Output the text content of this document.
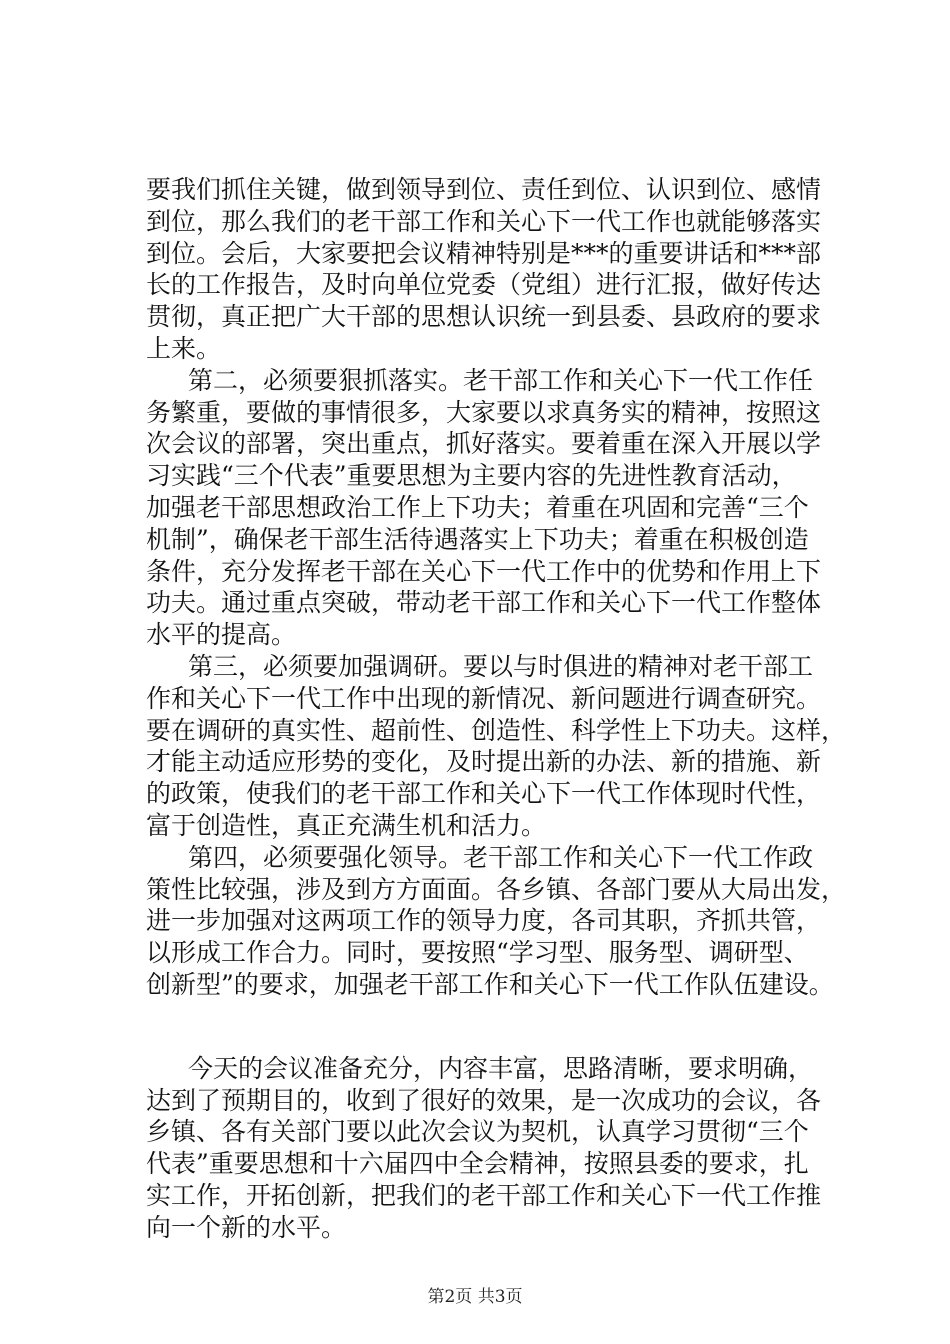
要我们抓住关键，做到领导到位、责任到位、认识到位、感情
到位，那么我们的老干部工作和关心下一代工作也就能够落实
到位。会后，大家要把会议精神特别是***的重要讲话和***部
长的工作报告，及时向单位党委（党组）进行汇报，做好传达
贯彻，真正把广大干部的思想认识统一到县委、县政府的要求
上来。
第二，必须要狠抓落实。老干部工作和关心下一代工作任
务繁重，要做的事情很多，大家要以求真务实的精神，按照这
次会议的部署，突出重点，抓好落实。要着重在深入开展以学
习实践“三个代表”重要思想为主要内容的先进性教育活动，
加强老干部思想政治工作上下功夫；着重在巩固和完善“三个
机制”，确保老干部生活待遇落实上下功夫；着重在积极创造
条件，充分发挥老干部在关心下一代工作中的优势和作用上下
功夫。通过重点突破，带动老干部工作和关心下一代工作整体
水平的提高。
第三，必须要加强调研。要以与时俱进的精神对老干部工
作和关心下一代工作中出现的新情况、新问题进行调查研究。
要在调研的真实性、超前性、创造性、科学性上下功夫。这样，
才能主动适应形势的变化，及时提出新的办法、新的措施、新
的政策，使我们的老干部工作和关心下一代工作体现时代性，
富于创造性，真正充满生机和活力。
第四，必须要强化领导。老干部工作和关心下一代工作政
策性比较强，涉及到方方面面。各乡镇、各部门要从大局出发，
进一步加强对这两项工作的领导力度，各司其职，齐抓共管，
以形成工作合力。同时，要按照“学习型、服务型、调研型、
创新型”的要求，加强老干部工作和关心下一代工作队伍建设。
今天的会议准备充分，内容丰富，思路清晰，要求明确，
达到了预期目的，收到了很好的效果，是一次成功的会议，各
乡镇、各有关部门要以此次会议为契机，认真学习贯彻“三个
代表”重要思想和十六届四中全会精神，按照县委的要求，扎
实工作，开拓创新，把我们的老干部工作和关心下一代工作推
向一个新的水平。
第2页 共3页
